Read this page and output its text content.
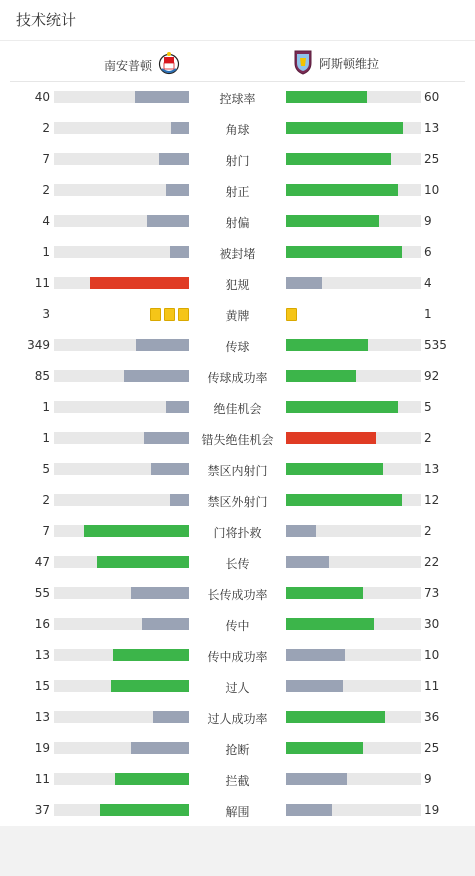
技术统计
南安普顿	阿斯顿维拉
40	控球率	60
2	角球	13
7	射门	25
2	射正	10
4	射偏	9
1	被封堵	6
11	犯规	4
3	黄牌	1
349	传球	535
85	传球成功率	92
1	绝佳机会	5
1	错失绝佳机会	2
5	禁区内射门	13
2	禁区外射门	12
7	门将扑救	2
47	长传	22
55	长传成功率	73
16	传中	30
13	传中成功率	10
15	过人	11
13	过人成功率	36
19	抢断	25
11	拦截	9
37	解围	19
